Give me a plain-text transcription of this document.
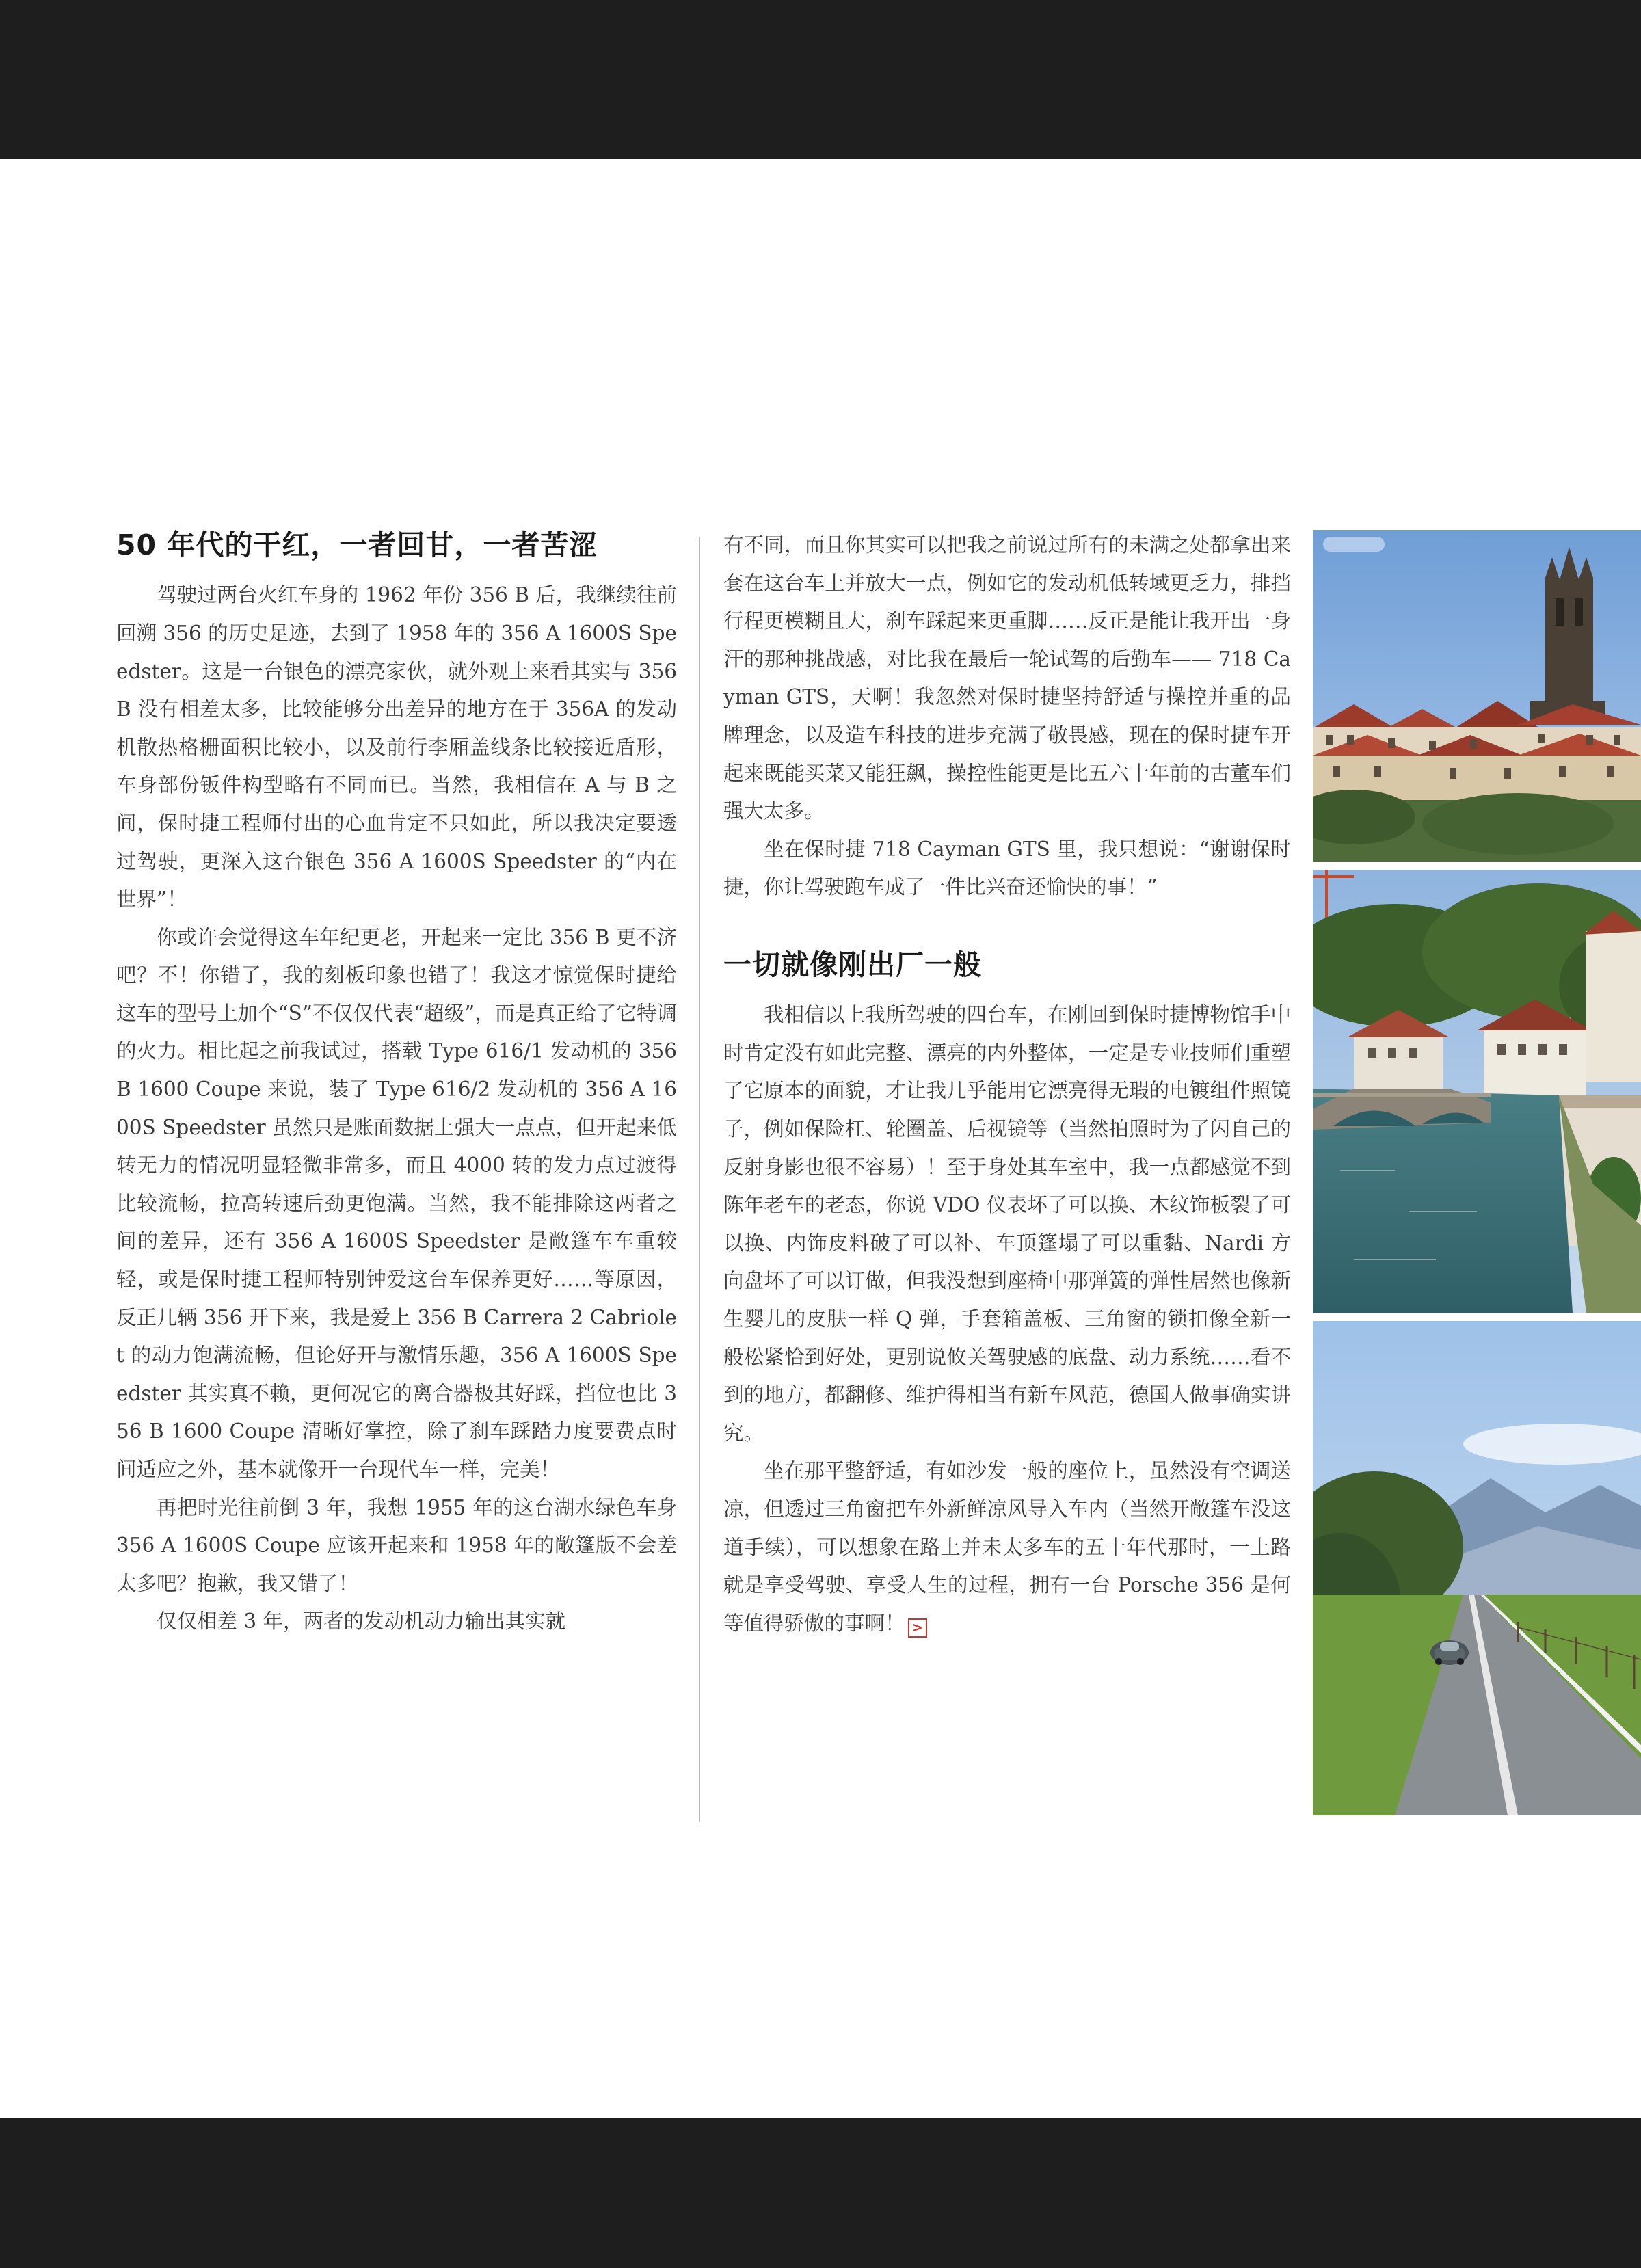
50 年代的干红，一者回甘，一者苦涩

驾驶过两台火红车身的 1962 年份 356 B 后，我继续往前回溯 356 的历史足迹，去到了 1958 年的 356 A 1600S Speedster。这是一台银色的漂亮家伙，就外观上来看其实与 356 B 没有相差太多，比较能够分出差异的地方在于 356A 的发动机散热格栅面积比较小，以及前行李厢盖线条比较接近盾形，车身部份钣件构型略有不同而已。当然，我相信在 A 与 B 之间，保时捷工程师付出的心血肯定不只如此，所以我决定要透过驾驶，更深入这台银色 356 A 1600S Speedster 的“内在世界”！

你或许会觉得这车年纪更老，开起来一定比 356 B 更不济吧？不！你错了，我的刻板印象也错了！我这才惊觉保时捷给这车的型号上加个“S”不仅仅代表“超级”，而是真正给了它特调的火力。相比起之前我试过，搭载 Type 616/1 发动机的 356 B 1600 Coupe 来说，装了 Type 616/2 发动机的 356 A 1600S Speedster 虽然只是账面数据上强大一点点，但开起来低转无力的情况明显轻微非常多，而且 4000 转的发力点过渡得比较流畅，拉高转速后劲更饱满。当然，我不能排除这两者之间的差异，还有 356 A 1600S Speedster 是敞篷车车重较轻，或是保时捷工程师特别钟爱这台车保养更好……等原因，反正几辆 356 开下来，我是爱上 356 B Carrera 2 Cabriolet 的动力饱满流畅，但论好开与激情乐趣，356 A 1600S Speedster 其实真不赖，更何况它的离合器极其好踩，挡位也比 356 B 1600 Coupe 清晰好掌控，除了刹车踩踏力度要费点时间适应之外，基本就像开一台现代车一样，完美！

再把时光往前倒 3 年，我想 1955 年的这台湖水绿色车身 356 A 1600S Coupe 应该开起来和 1958 年的敞篷版不会差太多吧？抱歉，我又错了！

仅仅相差 3 年，两者的发动机动力输出其实就

有不同，而且你其实可以把我之前说过所有的未满之处都拿出来套在这台车上并放大一点，例如它的发动机低转域更乏力，排挡行程更模糊且大，刹车踩起来更重脚……反正是能让我开出一身汗的那种挑战感，对比我在最后一轮试驾的后勤车—— 718 Cayman GTS，天啊！我忽然对保时捷坚持舒适与操控并重的品牌理念，以及造车科技的进步充满了敬畏感，现在的保时捷车开起来既能买菜又能狂飙，操控性能更是比五六十年前的古董车们强大太多。

坐在保时捷 718 Cayman GTS 里，我只想说：“谢谢保时捷，你让驾驶跑车成了一件比兴奋还愉快的事！”

一切就像刚出厂一般

我相信以上我所驾驶的四台车，在刚回到保时捷博物馆手中时肯定没有如此完整、漂亮的内外整体，一定是专业技师们重塑了它原本的面貌，才让我几乎能用它漂亮得无瑕的电镀组件照镜子，例如保险杠、轮圈盖、后视镜等（当然拍照时为了闪自己的反射身影也很不容易）！至于身处其车室中，我一点都感觉不到陈年老车的老态，你说 VDO 仪表坏了可以换、木纹饰板裂了可以换、内饰皮料破了可以补、车顶篷塌了可以重黏、Nardi 方向盘坏了可以订做，但我没想到座椅中那弹簧的弹性居然也像新生婴儿的皮肤一样 Q 弹，手套箱盖板、三角窗的锁扣像全新一般松紧恰到好处，更别说攸关驾驶感的底盘、动力系统……看不到的地方，都翻修、维护得相当有新车风范，德国人做事确实讲究。

坐在那平整舒适，有如沙发一般的座位上，虽然没有空调送凉，但透过三角窗把车外新鲜凉风导入车内（当然开敞篷车没这道手续），可以想象在路上并未太多车的五十年代那时，一上路就是享受驾驶、享受人生的过程，拥有一台 Porsche 356 是何等值得骄傲的事啊！ >
